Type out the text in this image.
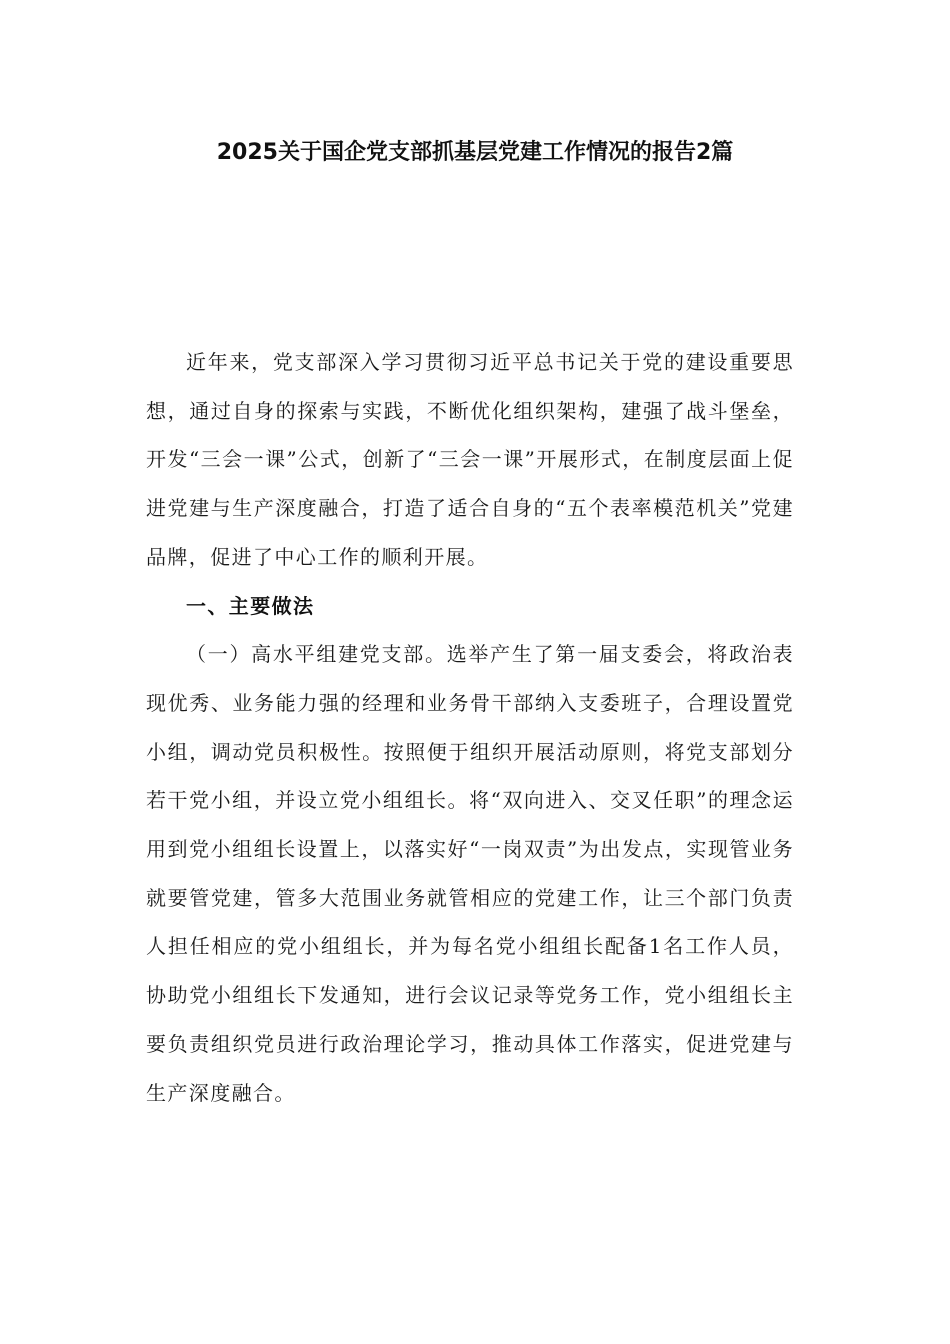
2025关于国企党支部抓基层党建工作情况的报告2篇

近年来，党支部深入学习贯彻习近平总书记关于党的建设重要思想，通过自身的探索与实践，不断优化组织架构，建强了战斗堡垒，开发“三会一课”公式，创新了“三会一课”开展形式，在制度层面上促进党建与生产深度融合，打造了适合自身的“五个表率模范机关”党建品牌，促进了中心工作的顺利开展。

一、主要做法

（一）高水平组建党支部。选举产生了第一届支委会，将政治表现优秀、业务能力强的经理和业务骨干部纳入支委班子，合理设置党小组，调动党员积极性。按照便于组织开展活动原则，将党支部划分若干党小组，并设立党小组组长。将“双向进入、交叉任职”的理念运用到党小组组长设置上，以落实好“一岗双责”为出发点，实现管业务就要管党建，管多大范围业务就管相应的党建工作，让三个部门负责人担任相应的党小组组长，并为每名党小组组长配备1名工作人员，协助党小组组长下发通知，进行会议记录等党务工作，党小组组长主要负责组织党员进行政治理论学习，推动具体工作落实，促进党建与生产深度融合。
